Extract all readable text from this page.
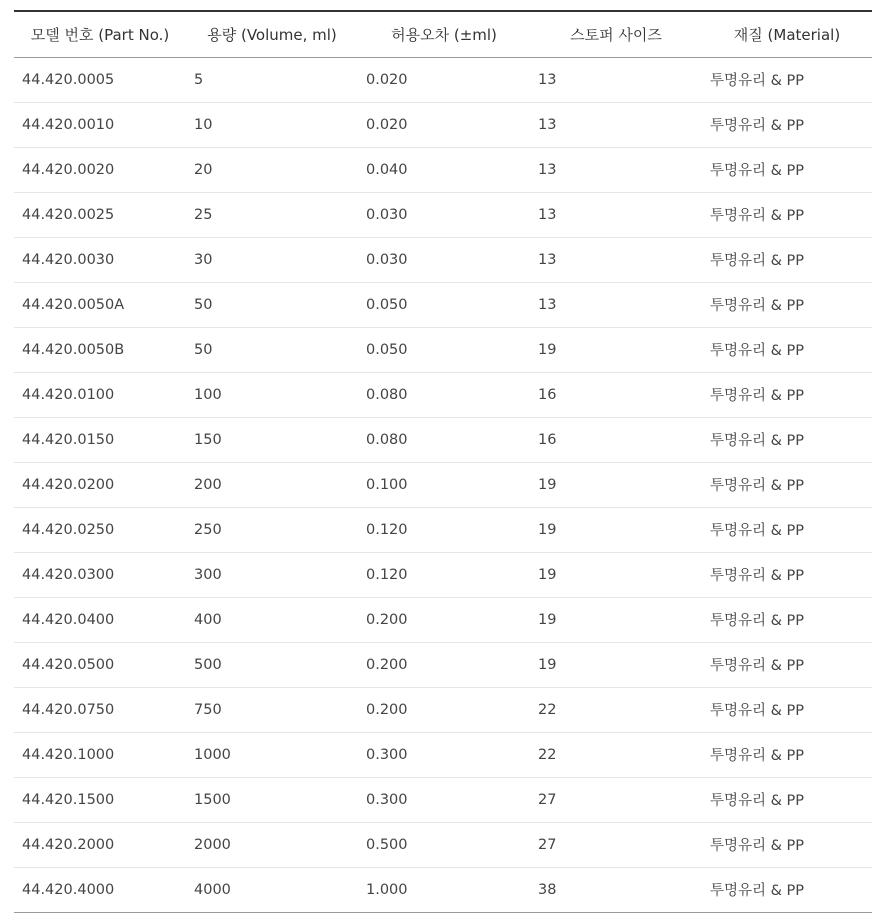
모델 번호 (Part No.)	용량 (Volume, ml)	허용오차 (±ml)	스토퍼 사이즈	재질 (Material)
44.420.0005	5	0.020	13	투명유리 & PP
44.420.0010	10	0.020	13	투명유리 & PP
44.420.0020	20	0.040	13	투명유리 & PP
44.420.0025	25	0.030	13	투명유리 & PP
44.420.0030	30	0.030	13	투명유리 & PP
44.420.0050A	50	0.050	13	투명유리 & PP
44.420.0050B	50	0.050	19	투명유리 & PP
44.420.0100	100	0.080	16	투명유리 & PP
44.420.0150	150	0.080	16	투명유리 & PP
44.420.0200	200	0.100	19	투명유리 & PP
44.420.0250	250	0.120	19	투명유리 & PP
44.420.0300	300	0.120	19	투명유리 & PP
44.420.0400	400	0.200	19	투명유리 & PP
44.420.0500	500	0.200	19	투명유리 & PP
44.420.0750	750	0.200	22	투명유리 & PP
44.420.1000	1000	0.300	22	투명유리 & PP
44.420.1500	1500	0.300	27	투명유리 & PP
44.420.2000	2000	0.500	27	투명유리 & PP
44.420.4000	4000	1.000	38	투명유리 & PP
